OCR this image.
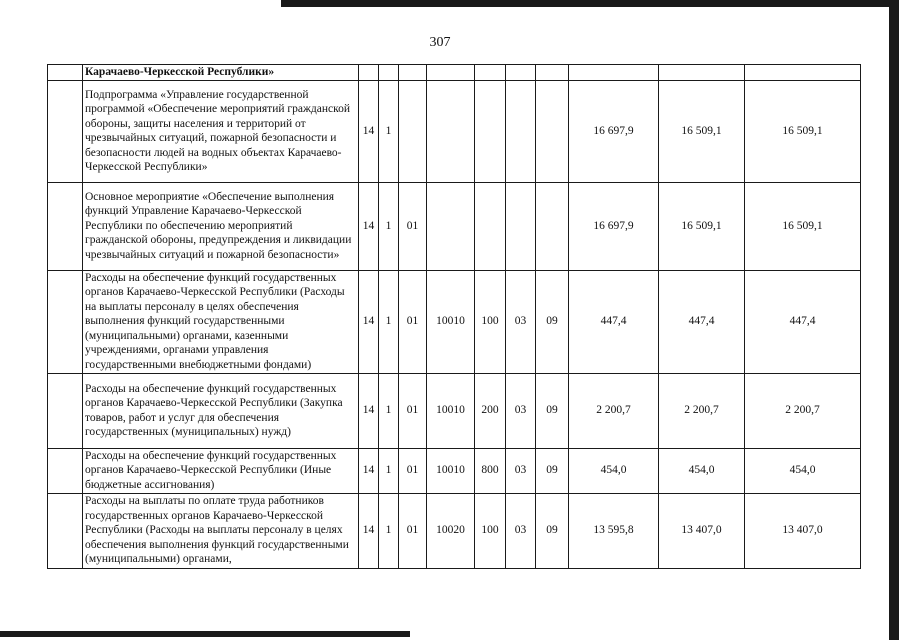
307
	Карачаево-Черкесской Республики»										
	Подпрограмма «Управление государственной программой «Обеспечение мероприятий гражданской обороны, защиты населения и территорий от чрезвычайных ситуаций, пожарной безопасности и безопасности людей на водных объектах Карачаево-Черкесской Республики»	14	1						16 697,9	16 509,1	16 509,1
	Основное мероприятие «Обеспечение выполнения функций Управление Карачаево-Черкесской Республики по обеспечению мероприятий гражданской обороны, предупреждения и ликвидации чрезвычайных ситуаций и пожарной безопасности»	14	1	01					16 697,9	16 509,1	16 509,1
	Расходы на обеспечение функций государственных органов Карачаево-Черкесской Республики (Расходы на выплаты персоналу в целях обеспечения выполнения функций государственными (муниципальными) органами, казенными учреждениями, органами управления государственными внебюджетными фондами)	14	1	01	10010	100	03	09	447,4	447,4	447,4
	Расходы на обеспечение функций государственных органов Карачаево-Черкесской Республики (Закупка товаров, работ и услуг для обеспечения государственных (муниципальных) нужд)	14	1	01	10010	200	03	09	2 200,7	2 200,7	2 200,7
	Расходы на обеспечение функций государственных органов Карачаево-Черкесской Республики (Иные бюджетные ассигнования)	14	1	01	10010	800	03	09	454,0	454,0	454,0
	Расходы на выплаты по оплате труда работников государственных органов Карачаево-Черкесской Республики (Расходы на выплаты персоналу в целях обеспечения выполнения функций государственными (муниципальными) органами,	14	1	01	10020	100	03	09	13 595,8	13 407,0	13 407,0
